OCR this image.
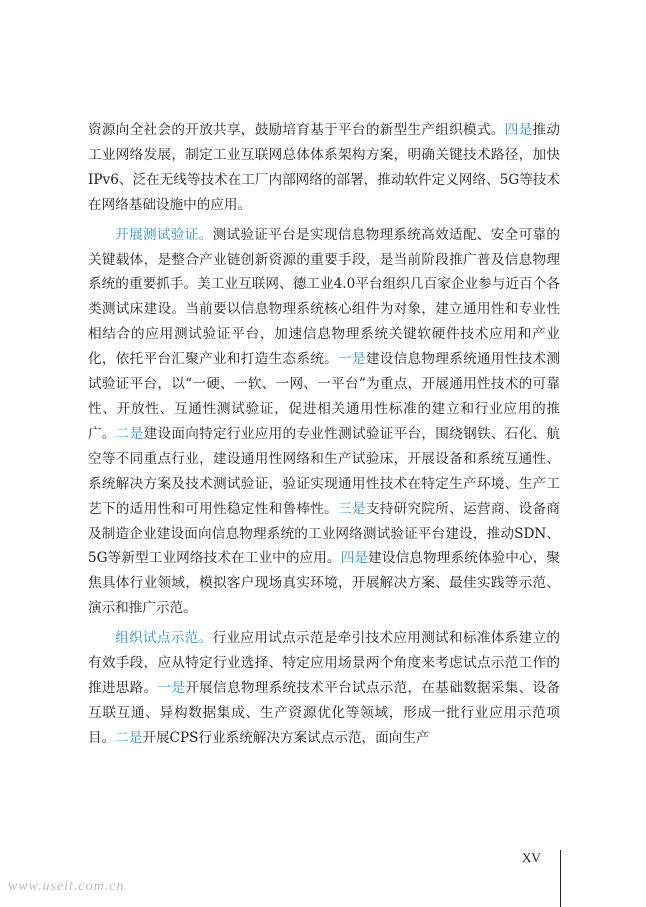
资源向全社会的开放共享，鼓励培育基于平台的新型生产组织模式。四是推动工业网络发展，制定工业互联网总体体系架构方案，明确关键技术路径，加快IPv6、泛在无线等技术在工厂内部网络的部署，推动软件定义网络、5G等技术在网络基础设施中的应用。

开展测试验证。测试验证平台是实现信息物理系统高效适配、安全可靠的关键载体，是整合产业链创新资源的重要手段，是当前阶段推广普及信息物理系统的重要抓手。美工业互联网、德工业4.0平台组织几百家企业参与近百个各类测试床建设。当前要以信息物理系统核心组件为对象，建立通用性和专业性相结合的应用测试验证平台，加速信息物理系统关键软硬件技术应用和产业化，依托平台汇聚产业和打造生态系统。一是建设信息物理系统通用性技术测试验证平台，以“一硬、一软、一网、一平台”为重点，开展通用性技术的可靠性、开放性、互通性测试验证，促进相关通用性标准的建立和行业应用的推广。二是建设面向特定行业应用的专业性测试验证平台，围绕钢铁、石化、航空等不同重点行业，建设通用性网络和生产试验床，开展设备和系统互通性、系统解决方案及技术测试验证，验证实现通用性技术在特定生产环境、生产工艺下的适用性和可用性稳定性和鲁棒性。三是支持研究院所、运营商、设备商及制造企业建设面向信息物理系统的工业网络测试验证平台建设，推动SDN、5G等新型工业网络技术在工业中的应用。四是建设信息物理系统体验中心，聚焦具体行业领域，模拟客户现场真实环境，开展解决方案、最佳实践等示范、演示和推广示范。

组织试点示范。行业应用试点示范是牵引技术应用测试和标准体系建立的有效手段，应从特定行业选择、特定应用场景两个角度来考虑试点示范工作的推进思路。一是开展信息物理系统技术平台试点示范，在基础数据采集、设备互联互通、异构数据集成、生产资源优化等领域，形成一批行业应用示范项目。二是开展CPS行业系统解决方案试点示范，面向生产

XV
www.useit.com.cn
